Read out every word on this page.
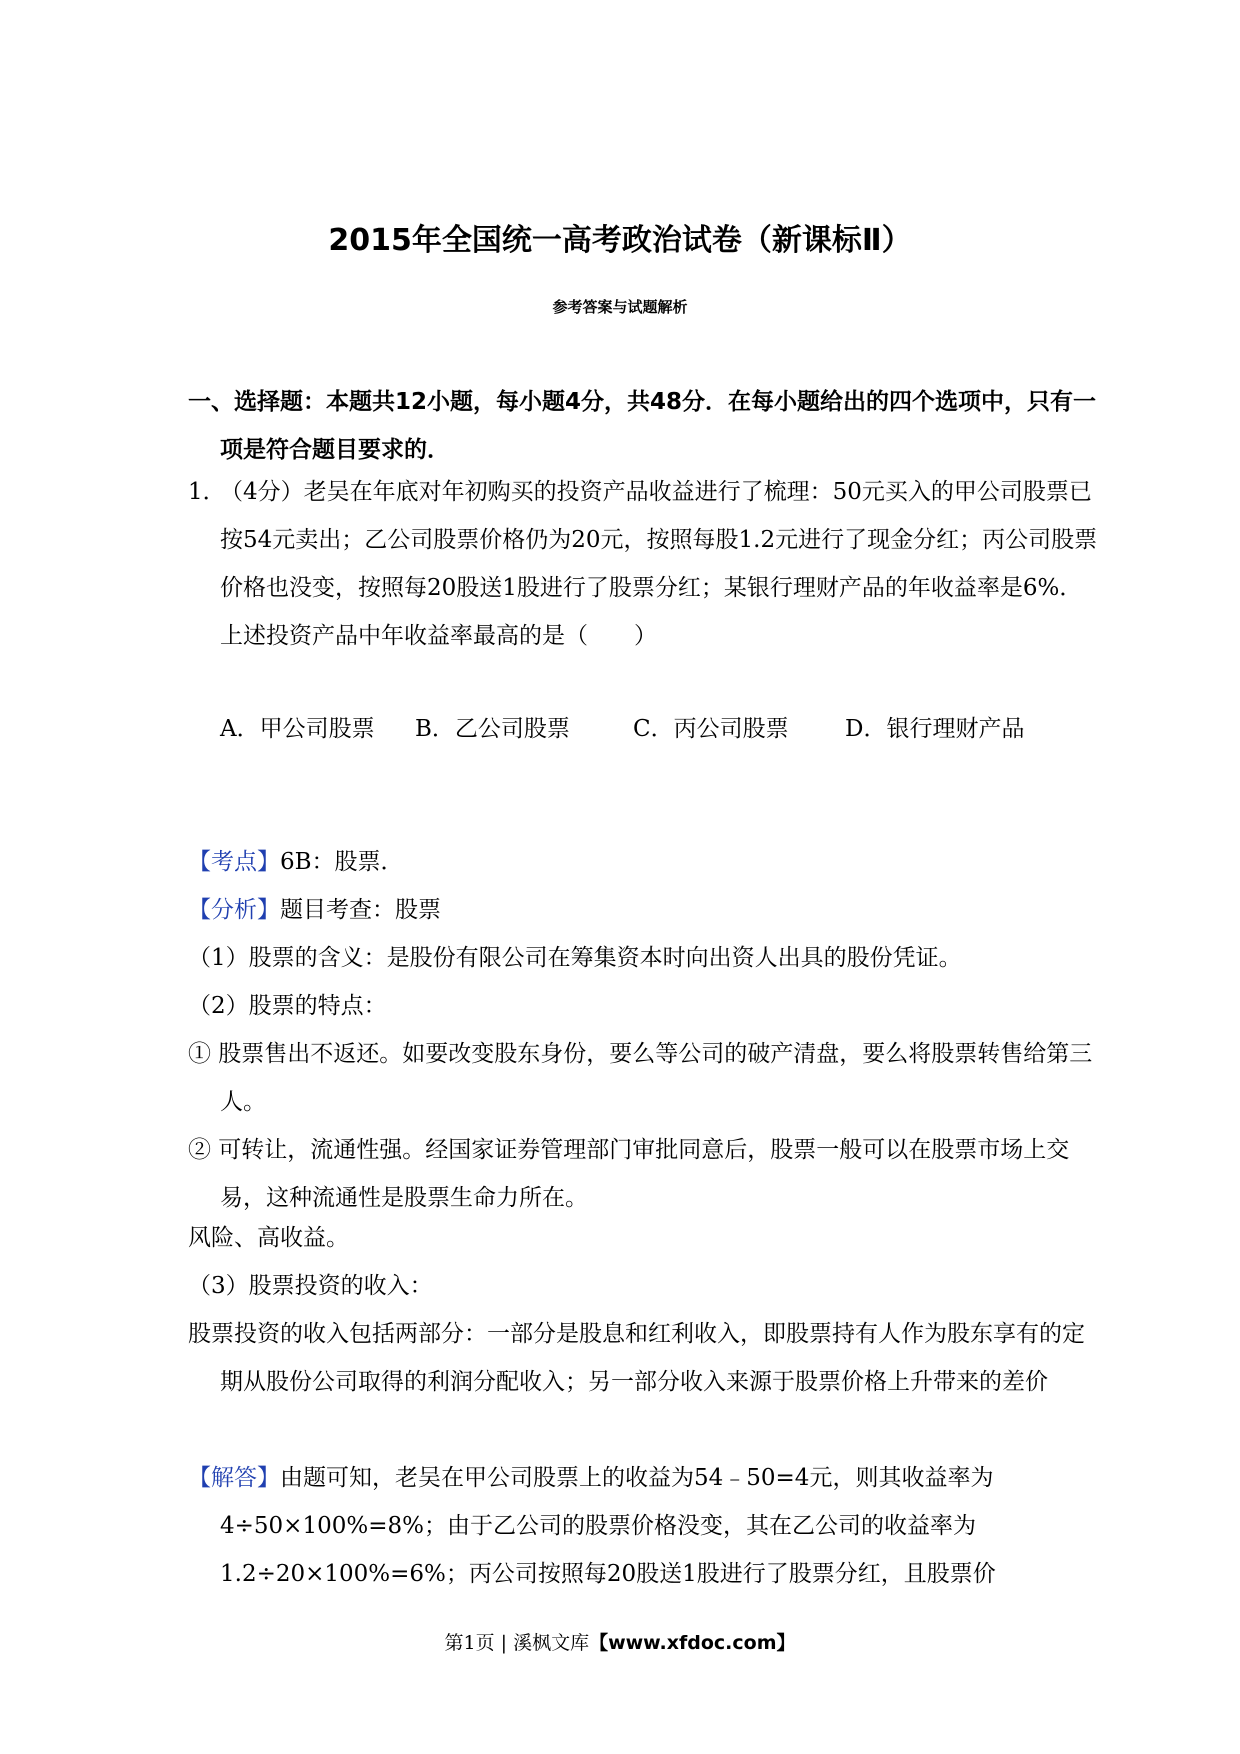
2015年全国统一高考政治试卷（新课标Ⅱ）
参考答案与试题解析
一、选择题：本题共12小题，每小题4分，共48分．在每小题给出的四个选项中，只有一项是符合题目要求的．
1．（4分）老吴在年底对年初购买的投资产品收益进行了梳理：50元买入的甲公司股票已按54元卖出；乙公司股票价格仍为20元，按照每股1.2元进行了现金分红；丙公司股票价格也没变，按照每20股送1股进行了股票分红；某银行理财产品的年收益率是6%．上述投资产品中年收益率最高的是（　　）
A．甲公司股票	B．乙公司股票	C．丙公司股票	D．银行理财产品
【考点】6B：股票．
【分析】题目考查：股票
（1）股票的含义：是股份有限公司在筹集资本时向出资人出具的股份凭证。
（2）股票的特点：
① 股票售出不返还。如要改变股东身份，要么等公司的破产清盘，要么将股票转售给第三人。
② 可转让，流通性强。经国家证券管理部门审批同意后，股票一般可以在股票市场上交易，这种流通性是股票生命力所在。
风险、高收益。
（3）股票投资的收入：
股票投资的收入包括两部分：一部分是股息和红利收入，即股票持有人作为股东享有的定期从股份公司取得的利润分配收入；另一部分收入来源于股票价格上升带来的差价
【解答】由题可知，老吴在甲公司股票上的收益为54﹣50=4元，则其收益率为4÷50×100%=8%；由于乙公司的股票价格没变，其在乙公司的收益率为1.2÷20×100%=6%；丙公司按照每20股送1股进行了股票分红，且股票价
第1页 | 溪枫文库【www.xfdoc.com】
